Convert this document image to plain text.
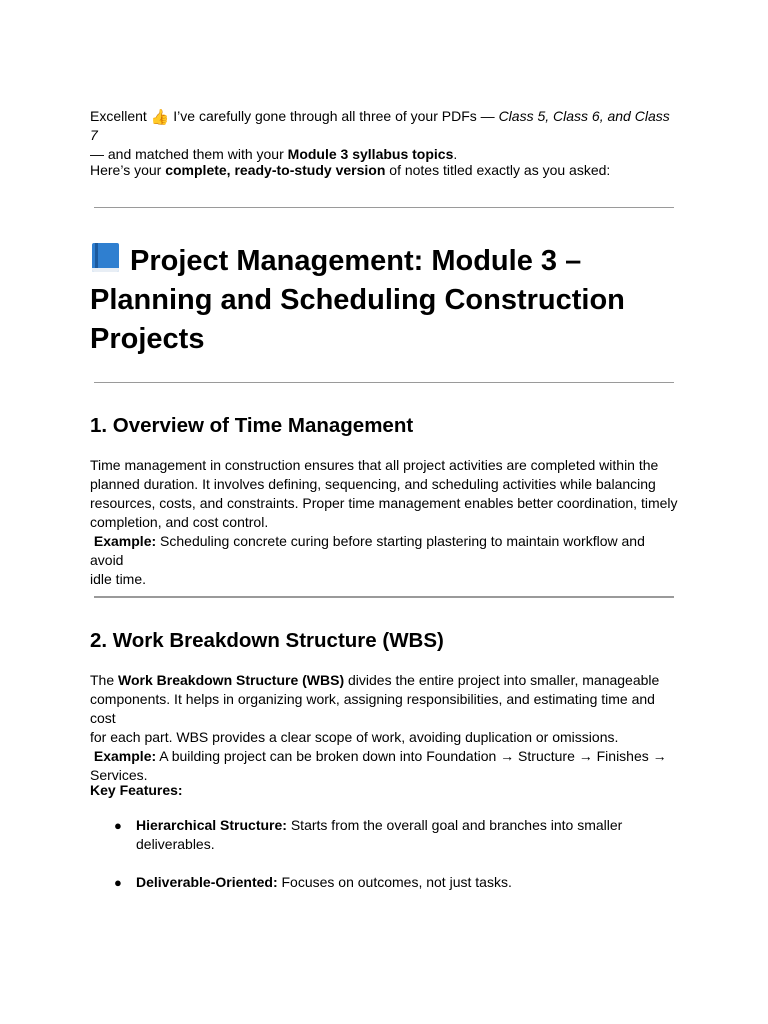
Excellent 👍 I’ve carefully gone through all three of your PDFs — Class 5, Class 6, and Class 7
— and matched them with your Module 3 syllabus topics.

Here’s your complete, ready-to-study version of notes titled exactly as you asked:

Project Management: Module 3 –
Planning and Scheduling Construction
Projects
1. Overview of Time Management

Time management in construction ensures that all project activities are completed within the
planned duration. It involves defining, sequencing, and scheduling activities while balancing
resources, costs, and constraints. Proper time management enables better coordination, timely
completion, and cost control.
Example: Scheduling concrete curing before starting plastering to maintain workflow and avoid
idle time.

2. Work Breakdown Structure (WBS)

The Work Breakdown Structure (WBS) divides the entire project into smaller, manageable
components. It helps in organizing work, assigning responsibilities, and estimating time and cost
for each part. WBS provides a clear scope of work, avoiding duplication or omissions.
Example: A building project can be broken down into Foundation → Structure → Finishes →
Services.

Key Features:

● Hierarchical Structure: Starts from the overall goal and branches into smaller
deliverables.

● Deliverable-Oriented: Focuses on outcomes, not just tasks.
